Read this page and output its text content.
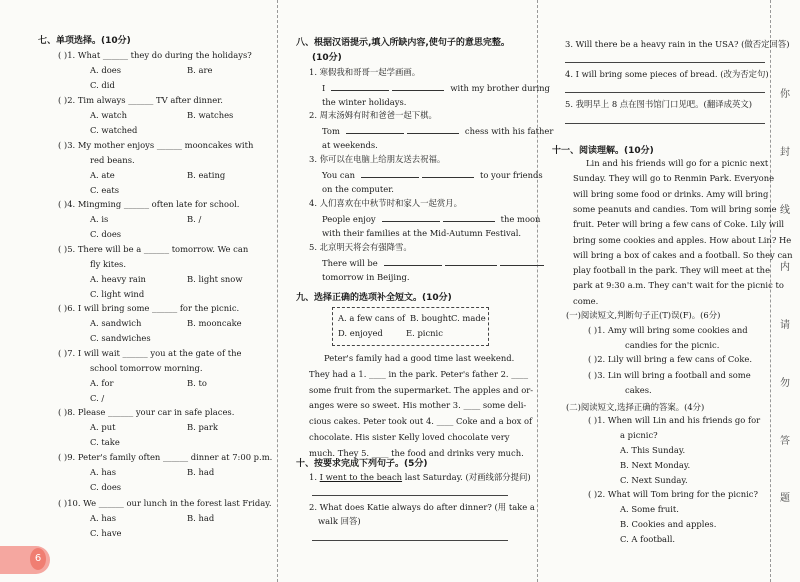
七、单项选择。(10分)
( )1. What ______ they do during the holidays?
A. does	B. are
C. did
( )2. Tim always ______ TV after dinner.
A. watch	B. watches
C. watched
( )3. My mother enjoys ______ mooncakes with
red beans.
A. ate	B. eating
C. eats
( )4. Mingming ______ often late for school.
A. is	B. /
C. does
( )5. There will be a ______ tomorrow. We can
fly kites.
A. heavy rain	B. light snow
C. light wind
( )6. I will bring some ______ for the picnic.
A. sandwich	B. mooncake
C. sandwiches
( )7. I will wait ______ you at the gate of the
school tomorrow morning.
A. for	B. to
C. /
( )8. Please ______ your car in safe places.
A. put	B. park
C. take
( )9. Peter's family often ______ dinner at 7:00 p.m.
A. has	B. had
C. does
( )10. We ______ our lunch in the forest last Friday.
A. has	B. had
C. have
八、根据汉语提示,填入所缺内容,使句子的意思完整。
(10分)
1. 寒假我和哥哥一起学画画。
I	with my brother during
the winter holidays.
2. 周末汤姆有时和爸爸一起下棋。
Tom	chess with his father
at weekends.
3. 你可以在电脑上给朋友送去祝福。
You can	to your friends
on the computer.
4. 人们喜欢在中秋节时和家人一起赏月。
People enjoy	the moon
with their families at the Mid-Autumn Festival.
5. 北京明天将会有强降雪。
There will be
tomorrow in Beijing.
九、选择正确的选项补全短文。(10分)
A. a few cans of B. bought C. made
D. enjoyed	E. picnic
Peter's family had a good time last weekend.
They had a 1. ____ in the park. Peter's father 2. ____
some fruit from the supermarket. The apples and or-
anges were so sweet. His mother 3. ____ some deli-
cious cakes. Peter took out 4. ____ Coke and a box of
chocolate. His sister Kelly loved chocolate very
much. They 5. ____ the food and drinks very much.
十、按要求完成下列句子。(5分)
1. I went to the beach last Saturday. (对画线部分提问)
2. What does Katie always do after dinner? (用 take a
walk 回答)
3. Will there be a heavy rain in the USA? (做否定回答)
4. I will bring some pieces of bread. (改为否定句)
5. 我明早上 8 点在图书馆门口见吧。(翻译成英文)
十一、阅读理解。(10分)
Lin and his friends will go for a picnic next
Sunday. They will go to Renmin Park. Everyone
will bring some food or drinks. Amy will bring
some peanuts and candies. Tom will bring some
fruit. Peter will bring a few cans of Coke. Lily will
bring some cookies and apples. How about Lin? He
will bring a box of cakes and a football. So they can
play football in the park. They will meet at the
park at 9:30 a.m. They can't wait for the picnic to
come.
(一)阅读短文,判断句子正(T)误(F)。(6分)
( )1. Amy will bring some cookies and
candies for the picnic.
( )2. Lily will bring a few cans of Coke.
( )3. Lin will bring a football and some
cakes.
(二)阅读短文,选择正确的答案。(4分)
( )1. When will Lin and his friends go for
a picnic?
A. This Sunday.
B. Next Monday.
C. Next Sunday.
( )2. What will Tom bring for the picnic?
A. Some fruit.
B. Cookies and apples.
C. A football.
你
封
线
内
请
勿
答
题
6
